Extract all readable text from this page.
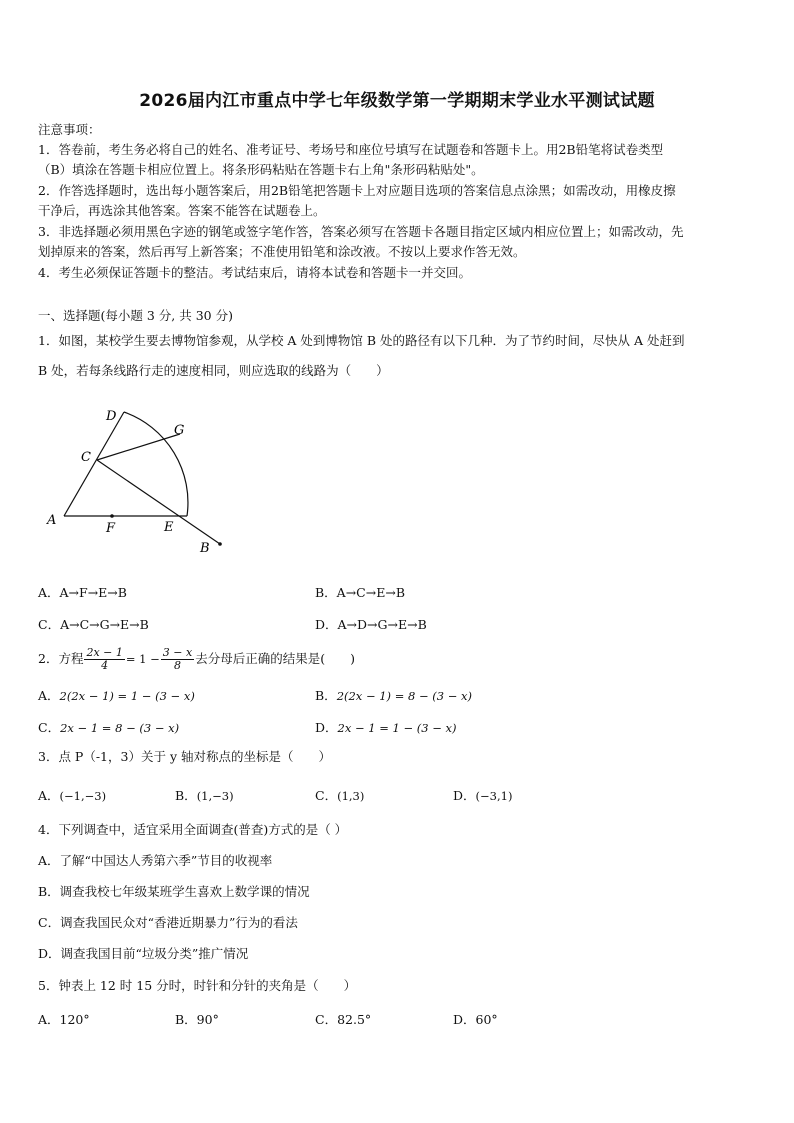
2026届内江市重点中学七年级数学第一学期期末学业水平测试试题
注意事项：
1．答卷前，考生务必将自己的姓名、准考证号、考场号和座位号填写在试题卷和答题卡上。用2B铅笔将试卷类型
（B）填涂在答题卡相应位置上。将条形码粘贴在答题卡右上角"条形码粘贴处"。
2．作答选择题时，选出每小题答案后，用2B铅笔把答题卡上对应题目选项的答案信息点涂黑；如需改动，用橡皮擦
干净后，再选涂其他答案。答案不能答在试题卷上。
3．非选择题必须用黑色字迹的钢笔或签字笔作答，答案必须写在答题卡各题目指定区域内相应位置上；如需改动，先
划掉原来的答案，然后再写上新答案；不准使用铅笔和涂改液。不按以上要求作答无效。
4．考生必须保证答题卡的整洁。考试结束后，请将本试卷和答题卡一并交回。
一、选择题(每小题 3 分, 共 30 分)
1．如图，某校学生要去博物馆参观，从学校 A 处到博物馆 B 处的路径有以下几种．为了节约时间，尽快从 A 处赶到
B 处，若每条线路行走的速度相同，则应选取的线路为（　　）
D
G
C
A
F	E
B
A．A→F→E→B	B．A→C→E→B
C．A→C→G→E→B	D．A→D→G→E→B
2．方程 $\frac{2x - 1}{4} = 1 - \frac{3 - x}{8}$ 去分母后正确的结果是(　　)
A．2(2x − 1) = 1 − (3 − x)	B．2(2x − 1) = 8 − (3 − x)
C．2x − 1 = 8 − (3 − x)	D．2x − 1 = 1 − (3 − x)
3．点 P（-1，3）关于 y 轴对称点的坐标是（　　）
A．(−1,−3)	B．(1,−3)	C．(1,3)	D．(−3,1)
4．下列调查中，适宜采用全面调查(普查)方式的是（ ）
A．了解“中国达人秀第六季”节目的收视率
B．调查我校七年级某班学生喜欢上数学课的情况
C．调查我国民众对“香港近期暴力”行为的看法
D．调查我国目前“垃圾分类”推广情况
5．钟表上 12 时 15 分时，时针和分针的夹角是（　　）
A．120°	B．90°	C．82.5°	D．60°
